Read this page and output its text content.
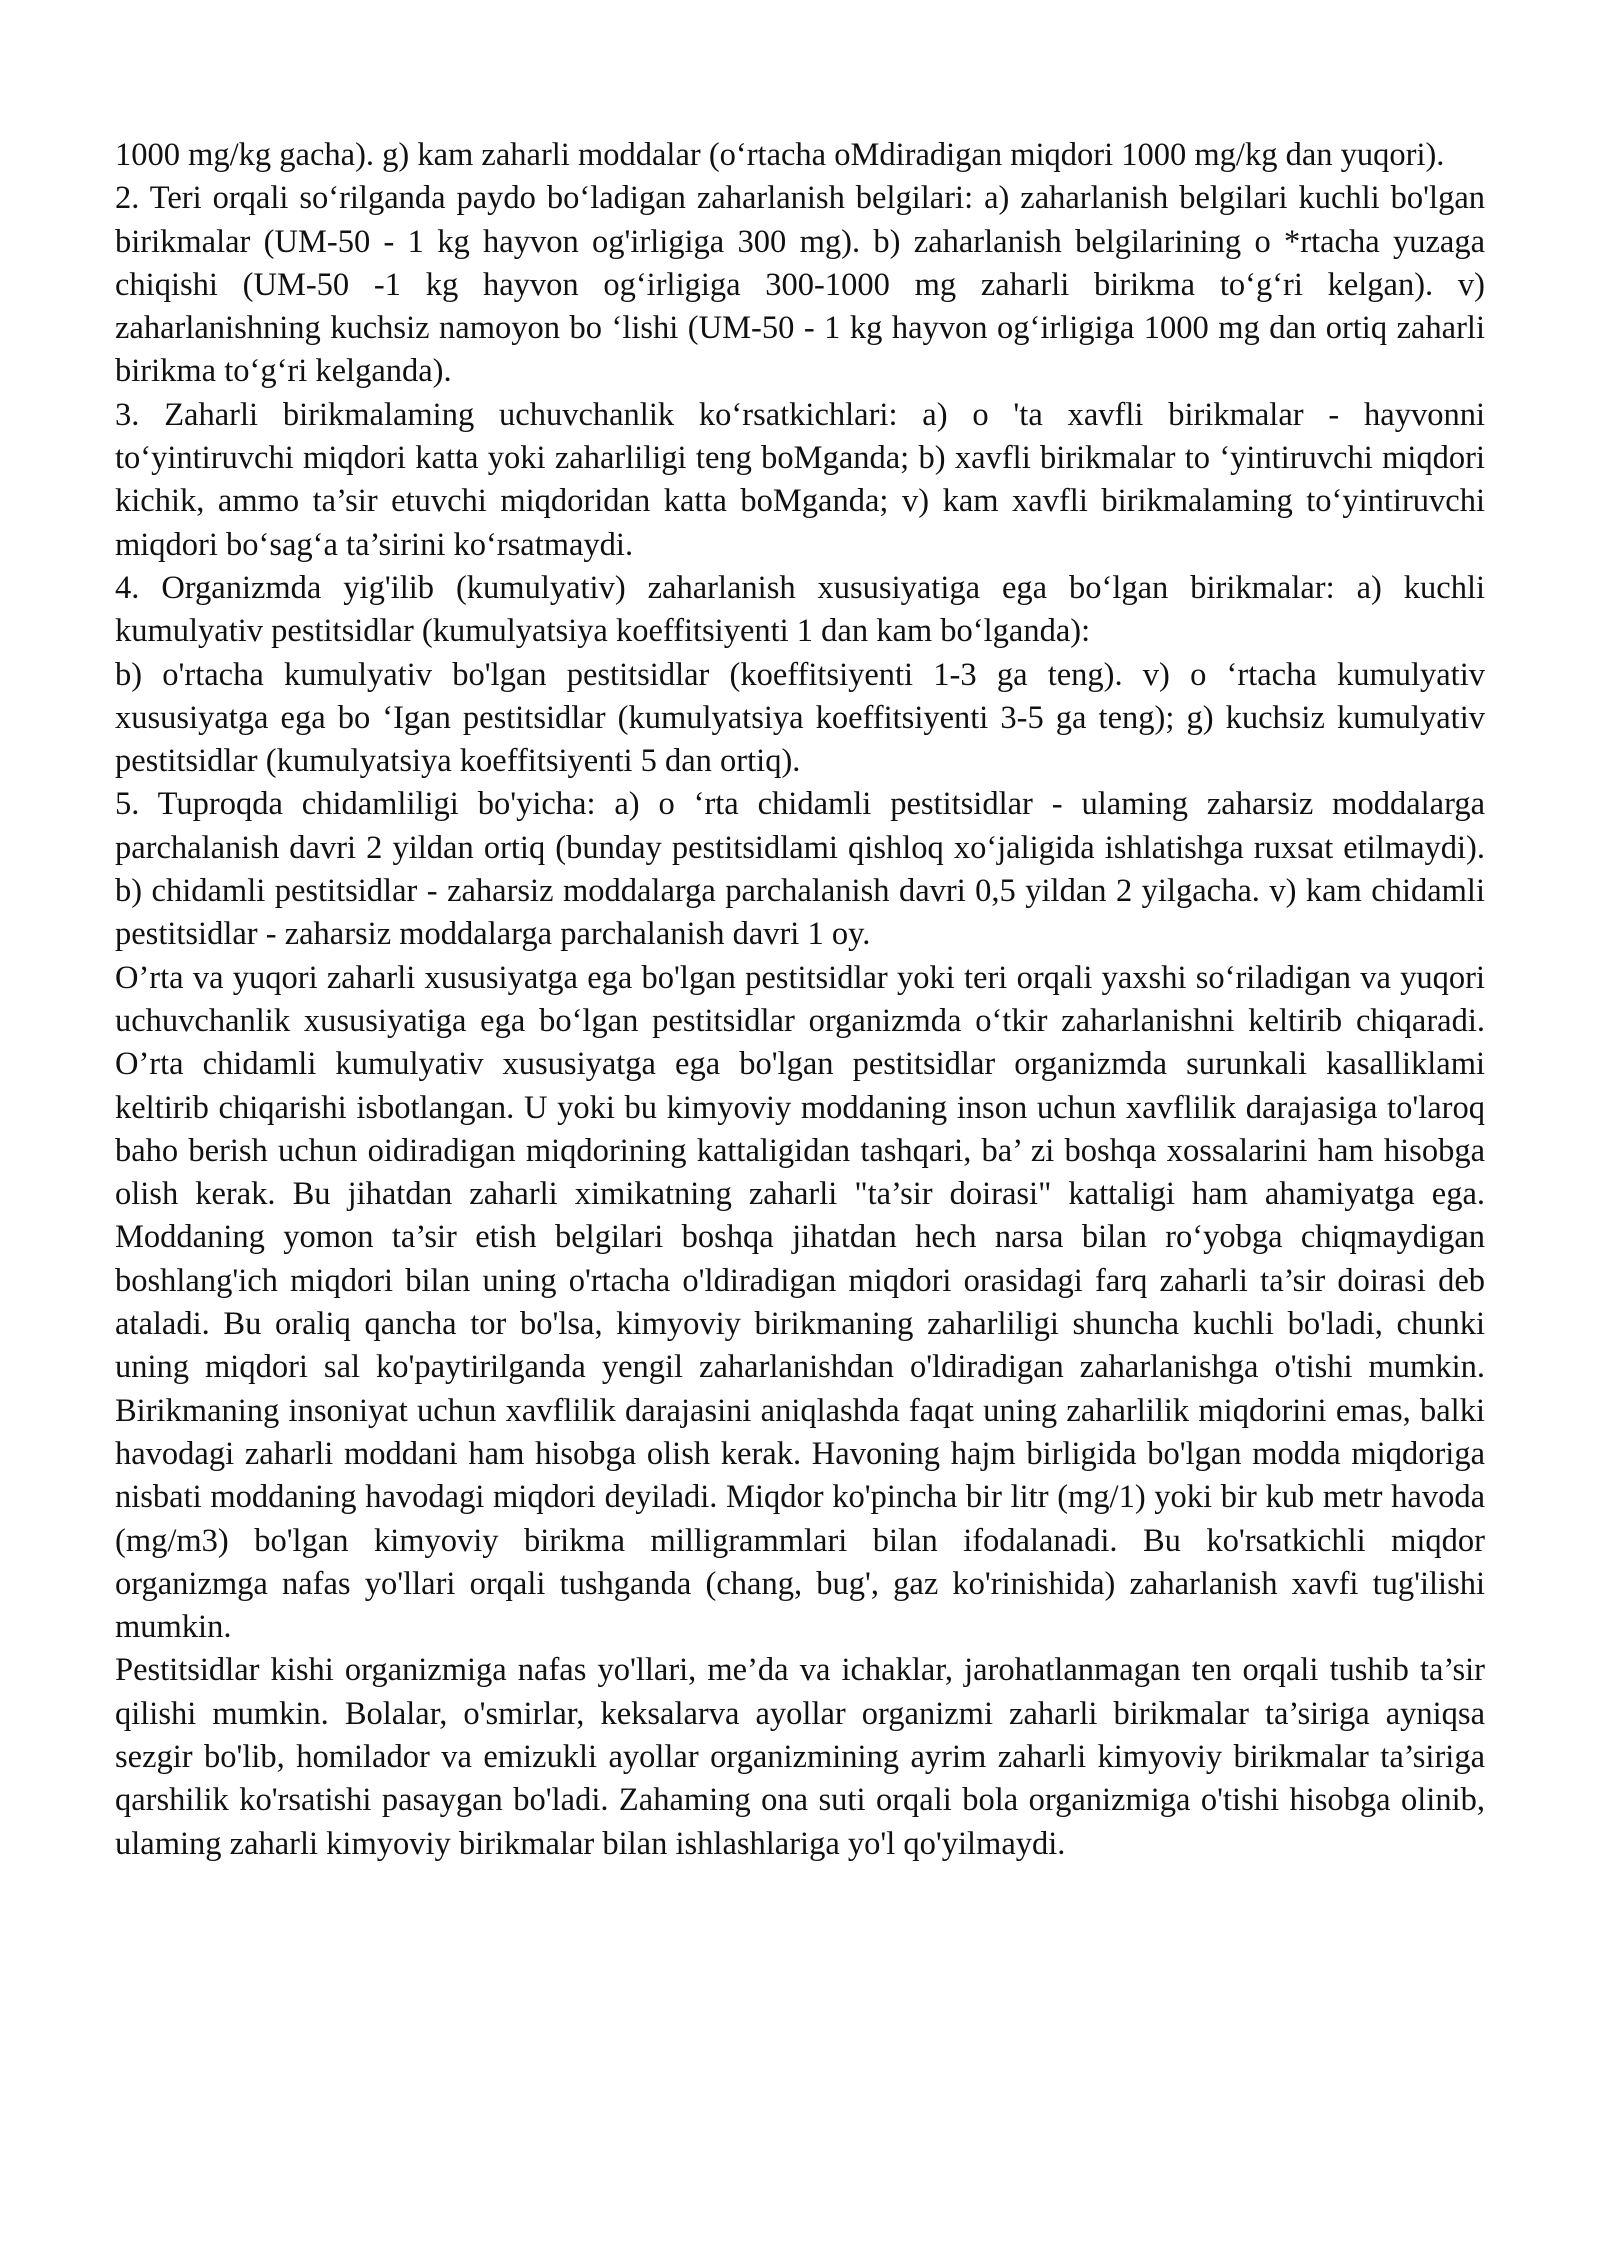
1000 mg/kg gacha). g) kam zaharli moddalar (o‘rtacha oMdiradigan miqdori 1000 mg/kg dan yuqori).

2. Teri orqali so‘rilganda paydo bo‘ladigan zaharlanish belgilari: a) zaharlanish belgilari kuchli bo'lgan birikmalar (UM-50 - 1 kg hayvon og'irligiga 300 mg). b) zaharlanish belgilarining o *rtacha yuzaga chiqishi (UM-50 -1 kg hayvon og‘irligiga 300-1000 mg zaharli birikma to‘g‘ri kelgan). v) zaharlanishning kuchsiz namoyon bo ‘lishi (UM-50 - 1 kg hayvon og‘irligiga 1000 mg dan ortiq zaharli birikma to‘g‘ri kelganda).

3. Zaharli birikmalaming uchuvchanlik ko‘rsatkichlari: a) o 'ta xavfli birikmalar - hayvonni to‘yintiruvchi miqdori katta yoki zaharliligi teng boMganda; b) xavfli birikmalar to ‘yintiruvchi miqdori kichik, ammo ta’sir etuvchi miqdoridan katta boMganda; v) kam xavfli birikmalaming to‘yintiruvchi miqdori bo‘sag‘a ta’sirini ko‘rsatmaydi.

4. Organizmda yig'ilib (kumulyativ) zaharlanish xususiyatiga ega bo‘lgan birikmalar: a) kuchli kumulyativ pestitsidlar (kumulyatsiya koeffitsiyenti 1 dan kam bo‘lganda):

b) o'rtacha kumulyativ bo'lgan pestitsidlar (koeffitsiyenti 1-3 ga teng). v) o ‘rtacha kumulyativ xususiyatga ega bo ‘Igan pestitsidlar (kumulyatsiya koeffitsiyenti 3-5 ga teng); g) kuchsiz kumulyativ pestitsidlar (kumulyatsiya koeffitsiyenti 5 dan ortiq).

5. Tuproqda chidamliligi bo'yicha: a) o ‘rta chidamli pestitsidlar - ulaming zaharsiz moddalarga parchalanish davri 2 yildan ortiq (bunday pestitsidlami qishloq xo‘jaligida ishlatishga ruxsat etilmaydi). b) chidamli pestitsidlar - zaharsiz moddalarga parchalanish davri 0,5 yildan 2 yilgacha. v) kam chidamli pestitsidlar - zaharsiz moddalarga parchalanish davri 1 oy.

O’rta va yuqori zaharli xususiyatga ega bo'lgan pestitsidlar yoki teri orqali yaxshi so‘riladigan va yuqori uchuvchanlik xususiyatiga ega bo‘lgan pestitsidlar organizmda o‘tkir zaharlanishni keltirib chiqaradi. O’rta chidamli kumulyativ xususiyatga ega bo'lgan pestitsidlar organizmda surunkali kasalliklami keltirib chiqarishi isbotlangan. U yoki bu kimyoviy moddaning inson uchun xavflilik darajasiga to'laroq baho berish uchun oidiradigan miqdorining kattaligidan tashqari, ba’ zi boshqa xossalarini ham hisobga olish kerak. Bu jihatdan zaharli ximikatning zaharli "ta’sir doirasi" kattaligi ham ahamiyatga ega. Moddaning yomon ta’sir etish belgilari boshqa jihatdan hech narsa bilan ro‘yobga chiqmaydigan boshlang'ich miqdori bilan uning o'rtacha o'ldiradigan miqdori orasidagi farq zaharli ta’sir doirasi deb ataladi. Bu oraliq qancha tor bo'lsa, kimyoviy birikmaning zaharliligi shuncha kuchli bo'ladi, chunki uning miqdori sal ko'paytirilganda yengil zaharlanishdan o'ldiradigan zaharlanishga o'tishi mumkin. Birikmaning insoniyat uchun xavflilik darajasini aniqlashda faqat uning zaharlilik miqdorini emas, balki havodagi zaharli moddani ham hisobga olish kerak. Havoning hajm birligida bo'lgan modda miqdoriga nisbati moddaning havodagi miqdori deyiladi. Miqdor ko'pincha bir litr (mg/1) yoki bir kub metr havoda (mg/m3) bo'lgan kimyoviy birikma milligrammlari bilan ifodalanadi. Bu ko'rsatkichli miqdor organizmga nafas yo'llari orqali tushganda (chang, bug', gaz ko'rinishida) zaharlanish xavfi tug'ilishi mumkin.

Pestitsidlar kishi organizmiga nafas yo'llari, me’da va ichaklar, jarohatlanmagan ten orqali tushib ta’sir qilishi mumkin. Bolalar, o'smirlar, keksalarva ayollar organizmi zaharli birikmalar ta’siriga ayniqsa sezgir bo'lib, homilador va emizukli ayollar organizmining ayrim zaharli kimyoviy birikmalar ta’siriga qarshilik ko'rsatishi pasaygan bo'ladi. Zahaming ona suti orqali bola organizmiga o'tishi hisobga olinib, ulaming zaharli kimyoviy birikmalar bilan ishlashlariga yo'l qo'yilmaydi.
